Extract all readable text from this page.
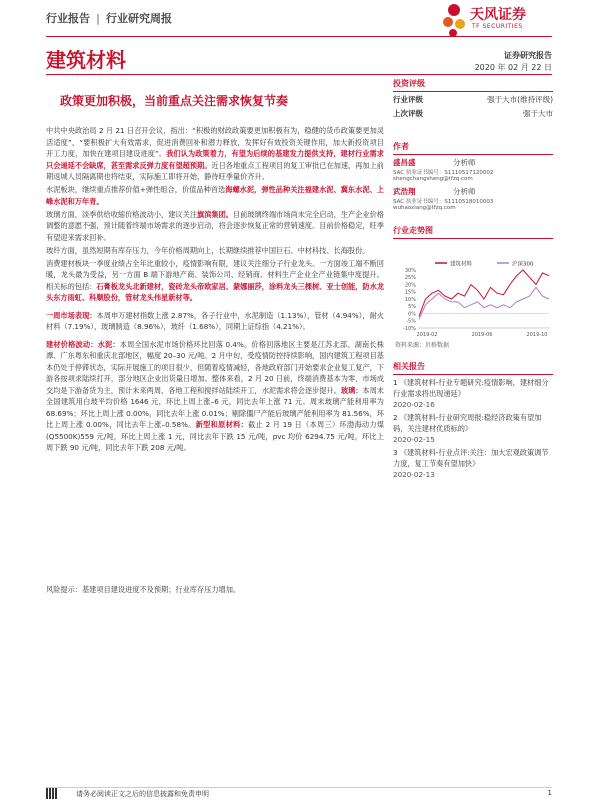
行业报告 | 行业研究周报	天风证券
TF SECURITIES
建筑材料	证券研究报告
2020 年 02 月 22 日
政策更加积极，当前重点关注需求恢复节奏

中共中央政治局 2 月 21 日召开会议，指出：“积极的财政政策要更加积极有为，稳健的货币政策要更加灵活适度”，“要积极扩大有效需求，促进消费回补和潜力释放，发挥好有效投资关键作用，加大新投资项目开工力度，加快在建项目建设进度”。我们认为政策着力，有望为后续的基建发力提供支持，建材行业需求只会递延不会缺席，甚至需求反弹力度有望超预期。近日各地重点工程项目的复工审批已在加速，再加上前期返城人员隔离期也将结束，实际施工即将开始，静待旺季量价齐升。

水泥板块，继续重点推荐价值+弹性组合，价值品种首选海螺水泥，弹性品种关注福建水泥、冀东水泥、上峰水泥和万年青。

玻璃方面，淡季供给收缩价格波动小，建议关注旗滨集团。目前玻璃终端市场尚未完全启动，生产企业价格调整的意愿不强，预计随着终端市场需求的逐步启动，将会逐步恢复正常的营销速度。目前价格稳定，旺季有望迎来需求回补。

玻纤方面，虽然短期有库存压力，今年价格周期向上，长期继续推荐中国巨石、中材科技、长海股份。

消费建材板块一季度业绩占全年比重较小，疫情影响有限，建议关注细分子行业龙头。一方面竣工端不断回暖，龙头最为受益，另一方面 B 端下游地产商、装饰公司、经销商、材料生产企业全产业链集中度提升。相关标的包括：石膏板龙头北新建材，瓷砖龙头帝欧家居、蒙娜丽莎，涂料龙头三棵树、亚士创能，防水龙头东方雨虹、科顺股份，管材龙头伟星新材等。

一周市场表现：本周申万建材指数上涨 2.87%，各子行业中，水泥制造（1.13%），管材（4.94%），耐火材料（7.19%），玻璃制造（8.96%），玻纤（1.68%），同期上证综指（4.21%）。

建材价格波动：水泥：本周全国水泥市场价格环比回落 0.4%。价格回落地区主要是江苏北部、湖南长株潭、广东粤东和重庆北部地区，幅度 20–30 元/吨。2 月中旬，受疫情防控持续影响，国内建筑工程项目基本仍处于停滞状态，实际开展施工的项目很少，但随着疫情减轻，各地政府部门开始要求企业复工复产，下游各按项求陆续打开，部分地区企业出货量日增加。整体来看，2 月 20 日前，终端消费基本为零，市场成交均是下游备货为主，预计未来两周，各地工程和搅拌站陆续开工，水泥需求将会逐步提升。玻璃：本周末全国建筑用白玻平均价格 1646 元，环比上周上涨–6 元，同比去年上涨 71 元。周末玻璃产能利用率为 68.69%；环比上周上涨 0.00%，同比去年上涨 0.01%；剔除僵尸产能后玻璃产能利用率为 81.56%，环比上周上涨 0.00%，同比去年上涨–0.58%。新型和原材料：截止 2 月 19 日（本周三）环渤海动力煤(Q5500K)559 元/吨，环比上周上涨 1 元，同比去年下跌 15 元/吨，pvc 均价 6294.75 元/吨，环比上周下跌 90 元/吨，同比去年下跌 208 元/吨。

风险提示：基建项目建设进度不及预期；行业库存压力增加。
投资评级
行业评级	强于大市(维持评级)
上次评级	强于大市
作者
盛昌盛	分析师
SAC 执业证书编号：S1110517120002
shengchangsheng@tfzq.com
武浩翔	分析师
SAC 执业证书编号：S1110518010003
wuhaoxiang@tfzq.com
行业走势图
建筑材料	沪深300
30%
25%
20%
15%
10%
5%
0%
-5%
-10%
2019-02	2019-06	2019-10
资料来源：贝格数据
相关报告
1 《建筑材料-行业专题研究:疫情影响，建材细分行业需求将出现递延》
2020-02-16
2 《建筑材料-行业研究周报:稳经济政策有望加码，关注建材优质标的》
2020-02-15
3 《建筑材料-行业点评:关注：加大宏观政策调节力度，复工节奏有望加快》
2020-02-13
请务必阅读正文之后的信息披露和免责申明	1
